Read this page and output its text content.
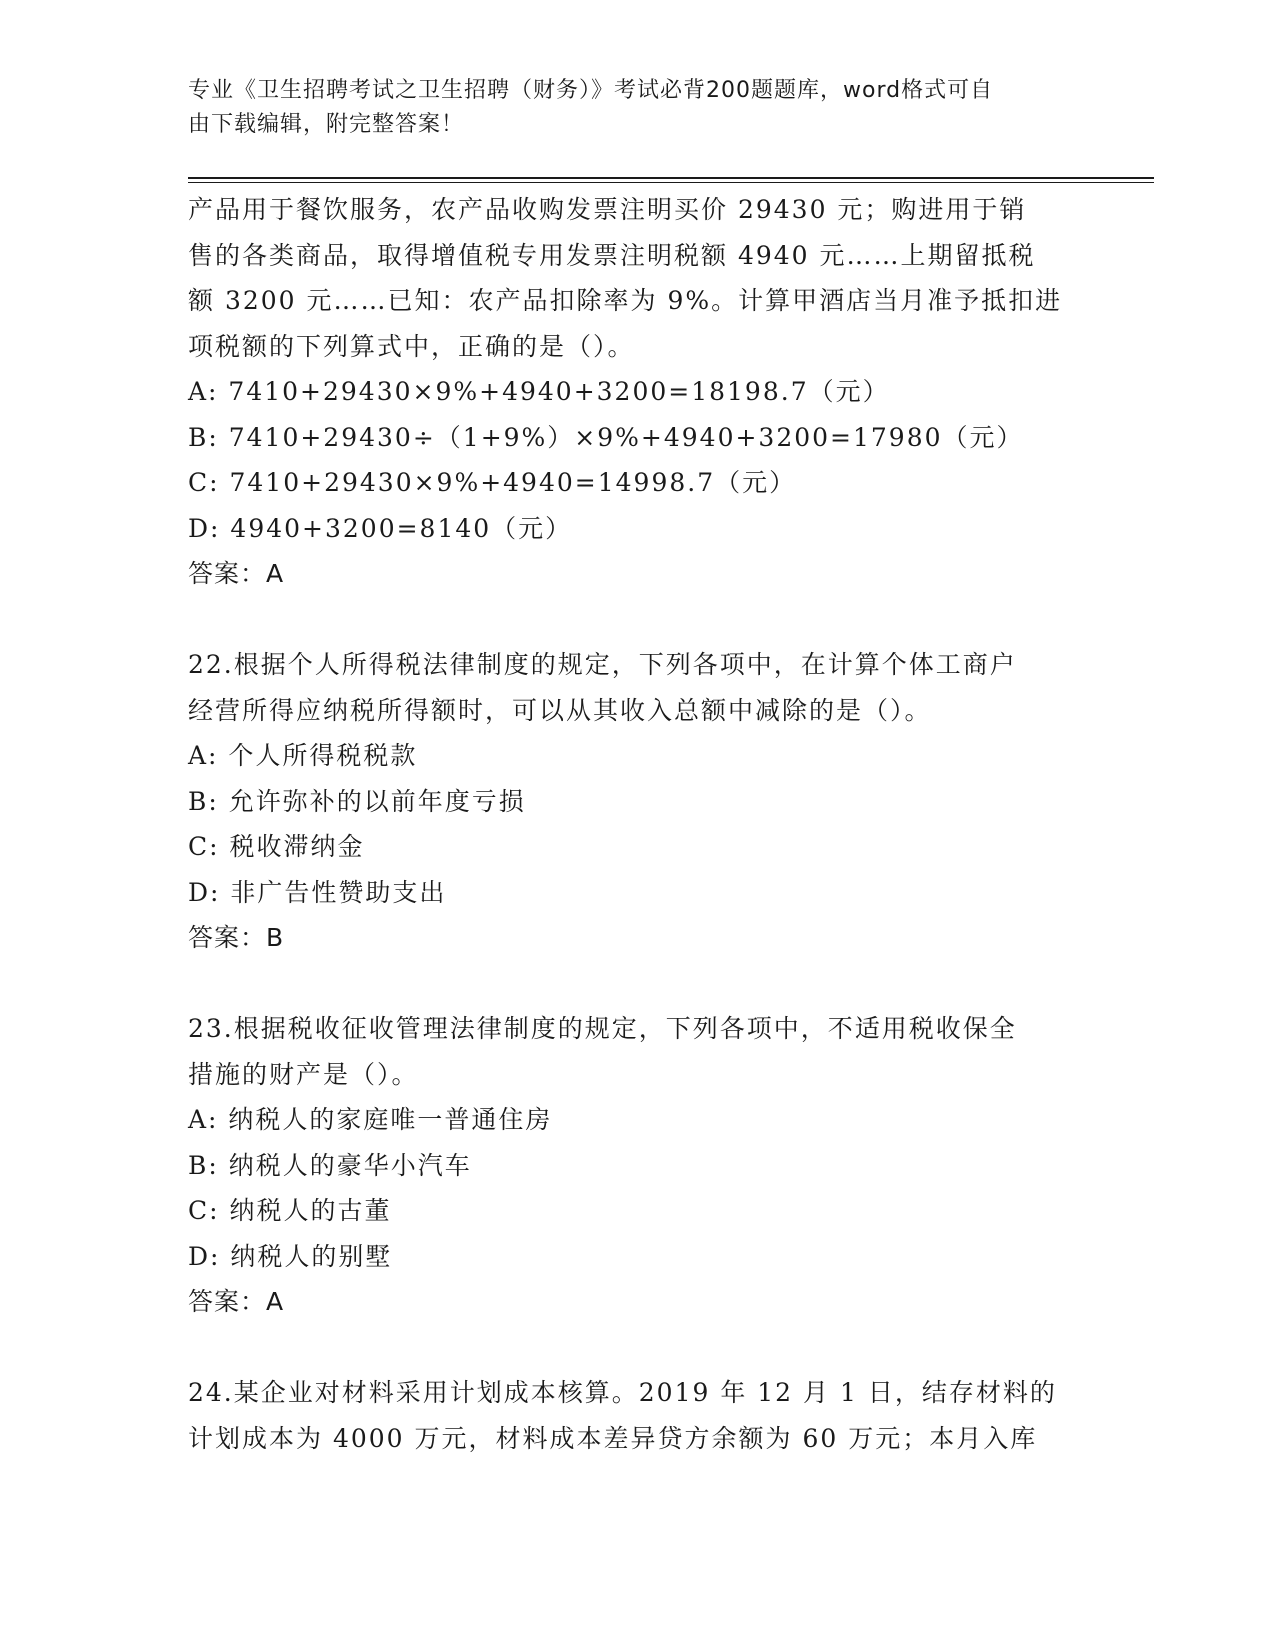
专业《卫生招聘考试之卫生招聘（财务）》考试必背200题题库，word格式可自
由下载编辑，附完整答案！
产品用于餐饮服务，农产品收购发票注明买价 29430 元；购进用于销
售的各类商品，取得增值税专用发票注明税额 4940 元……上期留抵税
额 3200 元……已知：农产品扣除率为 9%。计算甲酒店当月准予抵扣进
项税额的下列算式中，正确的是（）。
A: 7410+29430×9%+4940+3200=18198.7（元）
B: 7410+29430÷（1+9%）×9%+4940+3200=17980（元）
C: 7410+29430×9%+4940=14998.7（元）
D: 4940+3200=8140（元）
答案：A
22.根据个人所得税法律制度的规定，下列各项中，在计算个体工商户
经营所得应纳税所得额时，可以从其收入总额中减除的是（）。
A: 个人所得税税款
B: 允许弥补的以前年度亏损
C: 税收滞纳金
D: 非广告性赞助支出
答案：B
23.根据税收征收管理法律制度的规定，下列各项中，不适用税收保全
措施的财产是（）。
A: 纳税人的家庭唯一普通住房
B: 纳税人的豪华小汽车
C: 纳税人的古董
D: 纳税人的别墅
答案：A
24.某企业对材料采用计划成本核算。2019 年 12 月 1 日，结存材料的
计划成本为 4000 万元，材料成本差异贷方余额为 60 万元；本月入库
